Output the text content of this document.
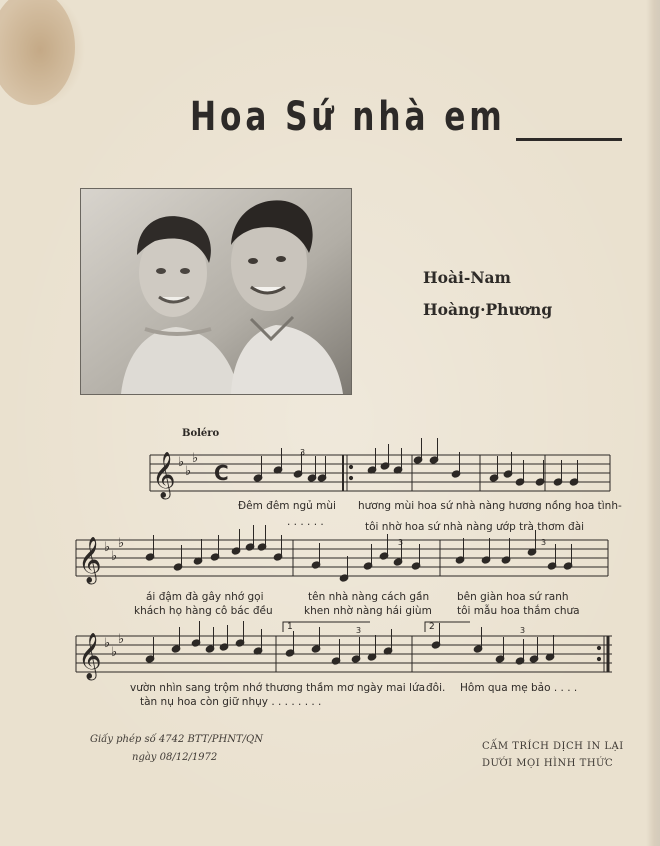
Hoa Sứ nhà em
Hoài-Nam
Hoàng·Phương
Boléro
𝄞
𝄞
𝄞
♭
♭
♭
♭
♭
♭
♭
♭
♭
C
1	2
3
3	3
3	3
Đêm đêm ngủ mùi hương mùi hoa sứ nhà nàng hương nồng hoa tình-
. . . . . .	tôi nhờ hoa sứ nhà nàng ướp trà thơm đài
ái đậm đà gây nhớ gọi	tên nhà nàng cách gần	bên giàn hoa sứ ranh
khách họ hàng cô bác đều	khen nhờ nàng hái giùm tôi mẫu hoa thắm chưa
vườn nhìn sang trộm nhớ thương thầm mơ ngày mai lứa đôi. Hôm qua mẹ bảo . . . .
tàn nụ hoa còn giữ nhụy . . . . . . . .
Giấy phép số 4742 BTT/PHNT/QN
ngày 08/12/1972
CẤM TRÍCH DỊCH IN LẠI
DƯỚI MỌI HÌNH THỨC
